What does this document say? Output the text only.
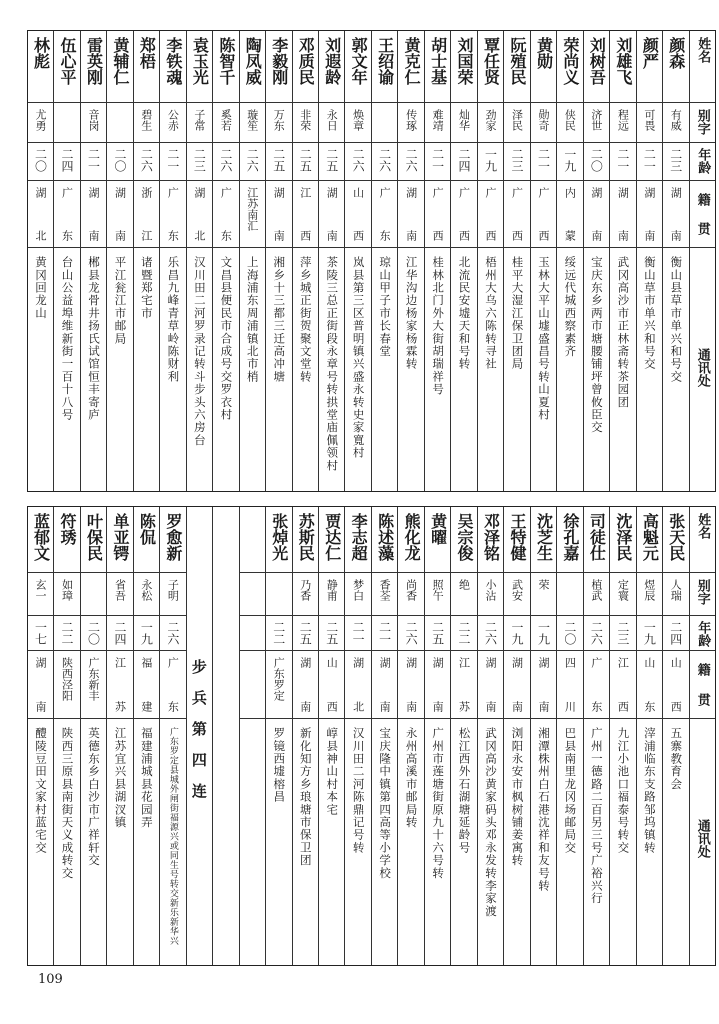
姓名
别字
年龄
籍贯
通讯处
颜森
有威
二三
湖南
衡山县草市单兴和号交
颜严
可畏
二一
湖南
衡山草市单兴和号交
刘雄飞
程远
二一
湖南
武冈高沙市正林斋转茶园团
刘树吾
济世
二〇
湖南
宝庆东乡两市塘腰铺坪曾攸臣交
荣尚义
侠民
一九
内蒙
绥远代城西察素齐
黄勋
勋奇
二一
广西
玉林大平山墟盛昌号转山夏村
阮殖民
泽民
二三
广西
桂平大湿江保卫团局
覃任贤
劲家
一九
广西
梧州大乌六陈转寻社
刘国荣
灿华
二四
广西
北流民安墟天和号转
胡士基
难靖
二一
广西
桂林北门外大街胡瑞祥号
黄克仁
传琢
二六
湖南
江华沟边杨家杨霖转
王绍谕
二六
广东
琼山甲子市长春堂
郭文年
焕章
二六
山西
岚县第三区普明镇兴盛永转史家寬村
刘遐龄
永日
二五
湖南
茶陵三总正街段永章号转拱堂庙佩领村
邓质民
非荣
二五
江西
萍乡城正街贺聚文堂转
李毅刚
万东
二五
湖南
湘乡十三都三迁高冲塘
陶凤威
璇笙
二六
江苏南汇
上海浦东周浦镇北市梢
陈智千
奚若
二六
广东
文昌县便民市合成号交罗衣村
袁玉光
子常
二三
湖北
汉川田二河罗录记转斗步头六房台
李铁魂
公赤
二一
广东
乐昌九峰青草岭陈财利
郑梧
碧生
二六
浙江
诸暨郑宅市
黄辅仁
二〇
湖南
平江瓮江市邮局
雷英刚
音岗
二一
湖南
郴县龙骨井扬氏试馆恒丰寄庐
伍心平
二四
广东
台山公益埠维新街一百十八号
林彪
尤勇
二〇
湖北
黄冈回龙山
姓名
别字
年龄
籍贯
通讯处
张天民
人瑞
二四
山西
五寨教育会
高魁元
煜辰
一九
山东
滓浦临东支路邹坞镇转
沈泽民
定寰
二三
江西
九江小池口福泰号转交
司徒仕
植武
二六
广东
广州一德路二百另三号广裕兴行
徐孔嘉
二〇
四川
巴县南里龙冈场邮局交
沈芝生
荣
一九
湖南
湘潭株州白石港沈祥和友号转
王特健
武安
一九
湖南
浏阳永安市枫树铺姜寓转
邓泽铭
小沾
二六
湖南
武冈高沙黄家码头邓永发转李家渡
吴宗俊
绝
二二
江苏
松江西外石湖塘延龄号
黄曜
照午
二五
湖南
广州市莲塘街原九十六号转
熊化龙
尚香
二六
湖南
永州高溪市邮局转
陈述藻
香荃
二一
湖南
宝庆隆中镇第四高等小学校
李志超
梦白
二一
湖北
汉川田二河陈鼎记号转
贾达仁
静甫
二五
山西
崞县神山村本宅
苏斯民
乃香
二五
湖南
新化知方乡琅塘市保卫团
张焯光
二二
广东罗定
罗镜西墟榕昌
步兵第四连
罗愈新
子明
二六
广东
广东罗定县城外闸街福源兴或同生号转交新乐新华兴
陈侃
永松
一九
福建
福建浦城县花园弄
单亚锷
省吾
二四
江苏
江苏宜兴县湖汊镇
叶保民
二〇
广东新丰
英德东乡白沙市广祥轩交
符琇
如璋
二二
陕西泾阳
陕西三原县南街天义成转交
蓝郁文
玄一
一七
湖南
醴陵豆田文家村蓝宅交
109
